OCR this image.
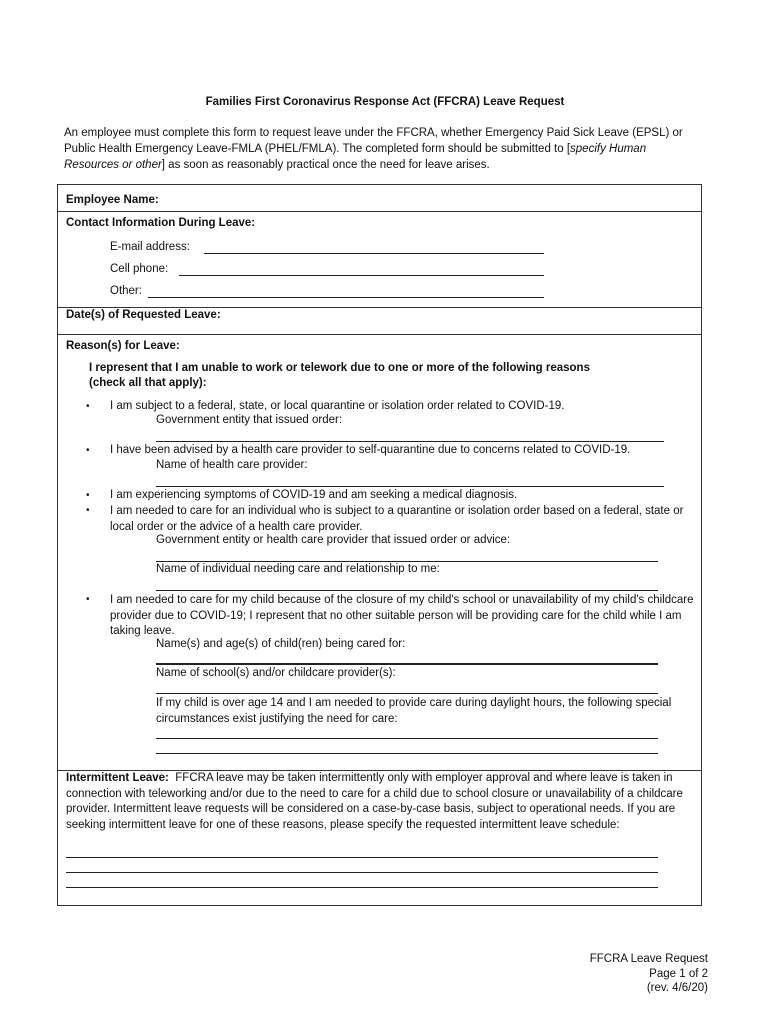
Families First Coronavirus Response Act (FFCRA) Leave Request
An employee must complete this form to request leave under the FFCRA, whether Emergency Paid Sick Leave (EPSL) or Public Health Emergency Leave-FMLA (PHEL/FMLA). The completed form should be submitted to [specify Human Resources or other] as soon as reasonably practical once the need for leave arises.
Employee Name:
Contact Information During Leave:
E-mail address:
Cell phone:
Other:
Date(s) of Requested Leave:
Reason(s) for Leave:
I represent that I am unable to work or telework due to one or more of the following reasons
(check all that apply):
• I am subject to a federal, state, or local quarantine or isolation order related to COVID-19.
Government entity that issued order:
• I have been advised by a health care provider to self-quarantine due to concerns related to COVID-19.
Name of health care provider:
• I am experiencing symptoms of COVID-19 and am seeking a medical diagnosis.
• I am needed to care for an individual who is subject to a quarantine or isolation order based on a federal, state or local order or the advice of a health care provider.
Government entity or health care provider that issued order or advice:
Name of individual needing care and relationship to me:
• I am needed to care for my child because of the closure of my child's school or unavailability of my child's childcare provider due to COVID-19; I represent that no other suitable person will be providing care for the child while I am taking leave.
Name(s) and age(s) of child(ren) being cared for:
Name of school(s) and/or childcare provider(s):
If my child is over age 14 and I am needed to provide care during daylight hours, the following special circumstances exist justifying the need for care:
Intermittent Leave: FFCRA leave may be taken intermittently only with employer approval and where leave is taken in connection with teleworking and/or due to the need to care for a child due to school closure or unavailability of a childcare provider. Intermittent leave requests will be considered on a case-by-case basis, subject to operational needs. If you are seeking intermittent leave for one of these reasons, please specify the requested intermittent leave schedule:
FFCRA Leave Request
Page 1 of 2
(rev. 4/6/20)
